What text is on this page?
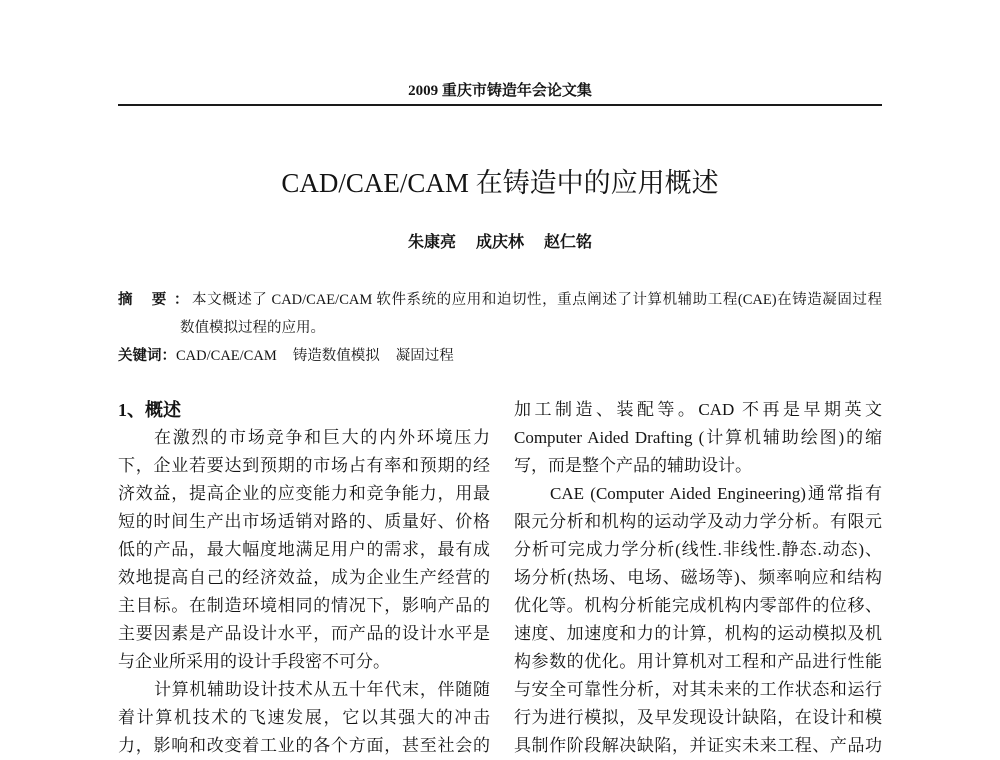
2009 重庆市铸造年会论文集
CAD/CAE/CAM 在铸造中的应用概述
朱康亮 成庆林 赵仁铭
摘 要：本文概述了 CAD/CAE/CAM 软件系统的应用和迫切性，重点阐述了计算机辅助工程(CAE)在铸造凝固过程
数值模拟过程的应用。
关键词：CAD/CAE/CAM 铸造数值模拟 凝固过程
1、概述
在激烈的市场竞争和巨大的内外环境压力
下，企业若要达到预期的市场占有率和预期的经
济效益，提高企业的应变能力和竞争能力，用最
短的时间生产出市场适销对路的、质量好、价格
低的产品，最大幅度地满足用户的需求，最有成
效地提高自己的经济效益，成为企业生产经营的
主目标。在制造环境相同的情况下，影响产品的
主要因素是产品设计水平，而产品的设计水平是
与企业所采用的设计手段密不可分。
计算机辅助设计技术从五十年代末，伴随随
着计算机技术的飞速发展，它以其强大的冲击
力，影响和改变着工业的各个方面，甚至社会的
加工制造、装配等。CAD 不再是早期英文
Computer Aided Drafting (计算机辅助绘图)的缩
写，而是整个产品的辅助设计。
CAE (Computer Aided Engineering)通常指有
限元分析和机构的运动学及动力学分析。有限元
分析可完成力学分析(线性.非线性.静态.动态)、
场分析(热场、电场、磁场等)、频率响应和结构
优化等。机构分析能完成机构内零部件的位移、
速度、加速度和力的计算，机构的运动模拟及机
构参数的优化。用计算机对工程和产品进行性能
与安全可靠性分析，对其未来的工作状态和运行
行为进行模拟，及早发现设计缺陷，在设计和模
具制作阶段解决缺陷，并证实未来工程、产品功
